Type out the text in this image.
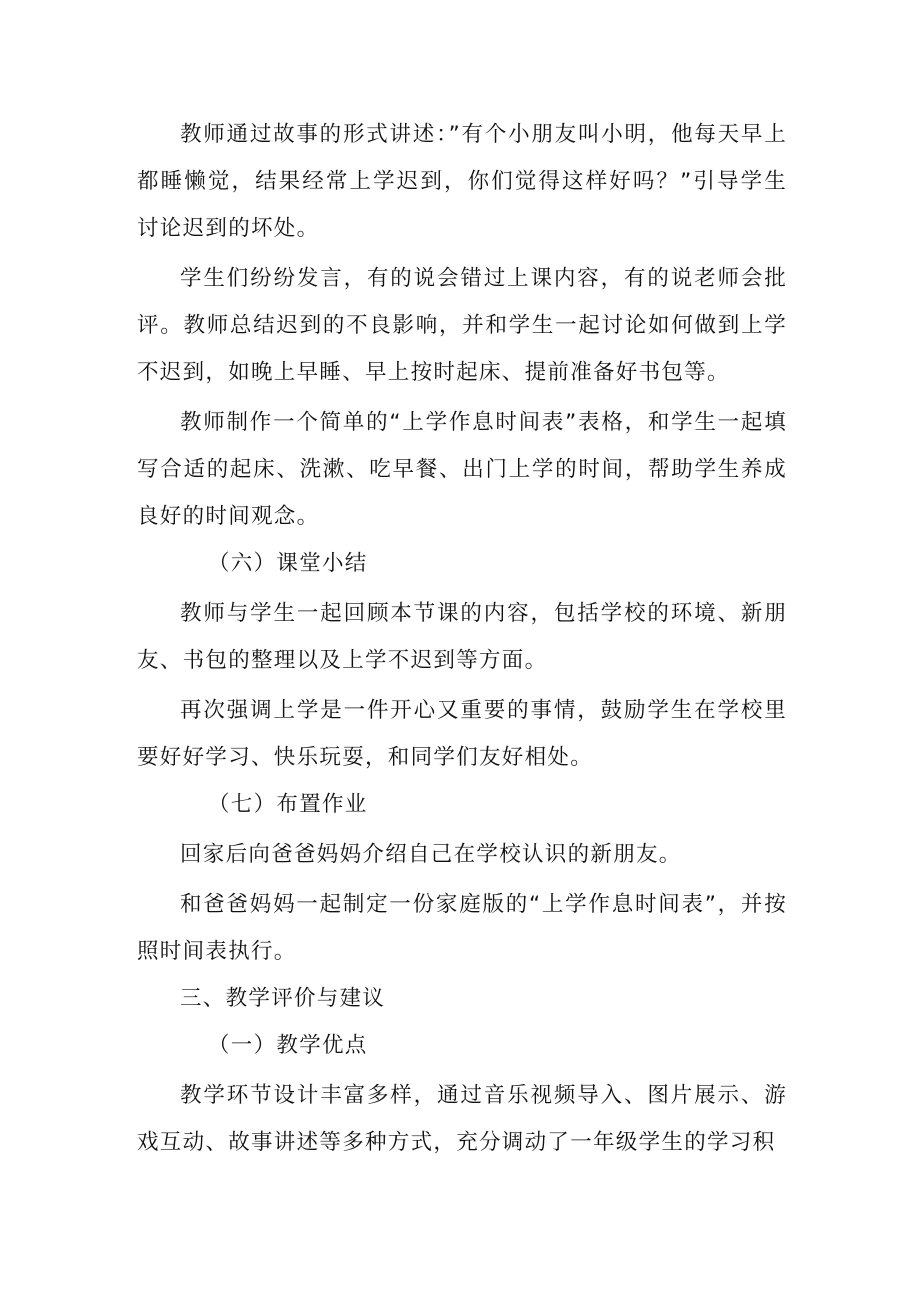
教师通过故事的形式讲述：”有个小朋友叫小明，他每天早上都睡懒觉，结果经常上学迟到，你们觉得这样好吗？”引导学生讨论迟到的坏处。

学生们纷纷发言，有的说会错过上课内容，有的说老师会批评。教师总结迟到的不良影响，并和学生一起讨论如何做到上学不迟到，如晚上早睡、早上按时起床、提前准备好书包等。

教师制作一个简单的“上学作息时间表”表格，和学生一起填写合适的起床、洗漱、吃早餐、出门上学的时间，帮助学生养成良好的时间观念。

（六）课堂小结

教师与学生一起回顾本节课的内容，包括学校的环境、新朋友、书包的整理以及上学不迟到等方面。

再次强调上学是一件开心又重要的事情，鼓励学生在学校里要好好学习、快乐玩耍，和同学们友好相处。

（七）布置作业

回家后向爸爸妈妈介绍自己在学校认识的新朋友。

和爸爸妈妈一起制定一份家庭版的“上学作息时间表”，并按照时间表执行。

三、教学评价与建议

（一）教学优点

教学环节设计丰富多样，通过音乐视频导入、图片展示、游戏互动、故事讲述等多种方式，充分调动了一年级学生的学习积
